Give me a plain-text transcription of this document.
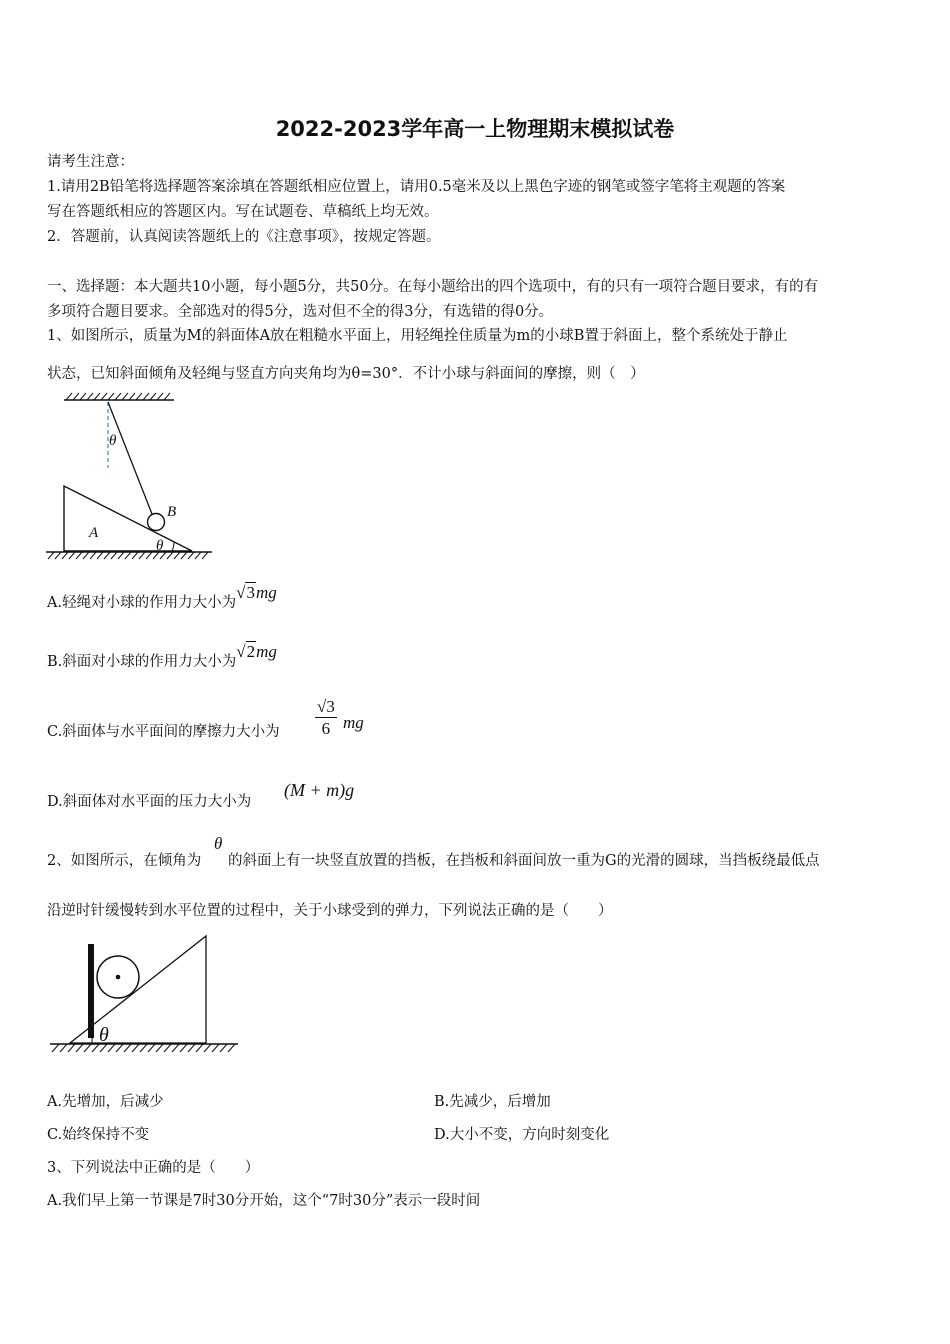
2022-2023学年高一上物理期末模拟试卷
请考生注意：
1.请用2B铅笔将选择题答案涂填在答题纸相应位置上，请用0.5毫米及以上黑色字迹的钢笔或签字笔将主观题的答案
写在答题纸相应的答题区内。写在试题卷、草稿纸上均无效。
2．答题前，认真阅读答题纸上的《注意事项》，按规定答题。
一、选择题：本大题共10小题，每小题5分，共50分。在每小题给出的四个选项中，有的只有一项符合题目要求，有的有
多项符合题目要求。全部选对的得5分，选对但不全的得3分，有选错的得0分。
1、如图所示，质量为M的斜面体A放在粗糙水平面上，用轻绳拴住质量为m的小球B置于斜面上，整个系统处于静止
状态，已知斜面倾角及轻绳与竖直方向夹角均为θ=30°．不计小球与斜面间的摩擦，则（　）
θ
B
A
θ
A.轻绳对小球的作用力大小为√3mg
B.斜面对小球的作用力大小为√2mg
C.斜面体与水平面间的摩擦力大小为 $\frac{√3}{6}$ mg
D.斜面体对水平面的压力大小为
(M + m)g
2、如图所示，在倾角为
θ
的斜面上有一块竖直放置的挡板，在挡板和斜面间放一重为G的光滑的圆球，当挡板绕最低点
沿逆时针缓慢转到水平位置的过程中，关于小球受到的弹力，下列说法正确的是（　　）
θ
A.先增加，后减少	B.先减少，后增加
C.始终保持不变	D.大小不变，方向时刻变化
3、下列说法中正确的是（　　）
A.我们早上第一节课是7时30分开始，这个“7时30分”表示一段时间
